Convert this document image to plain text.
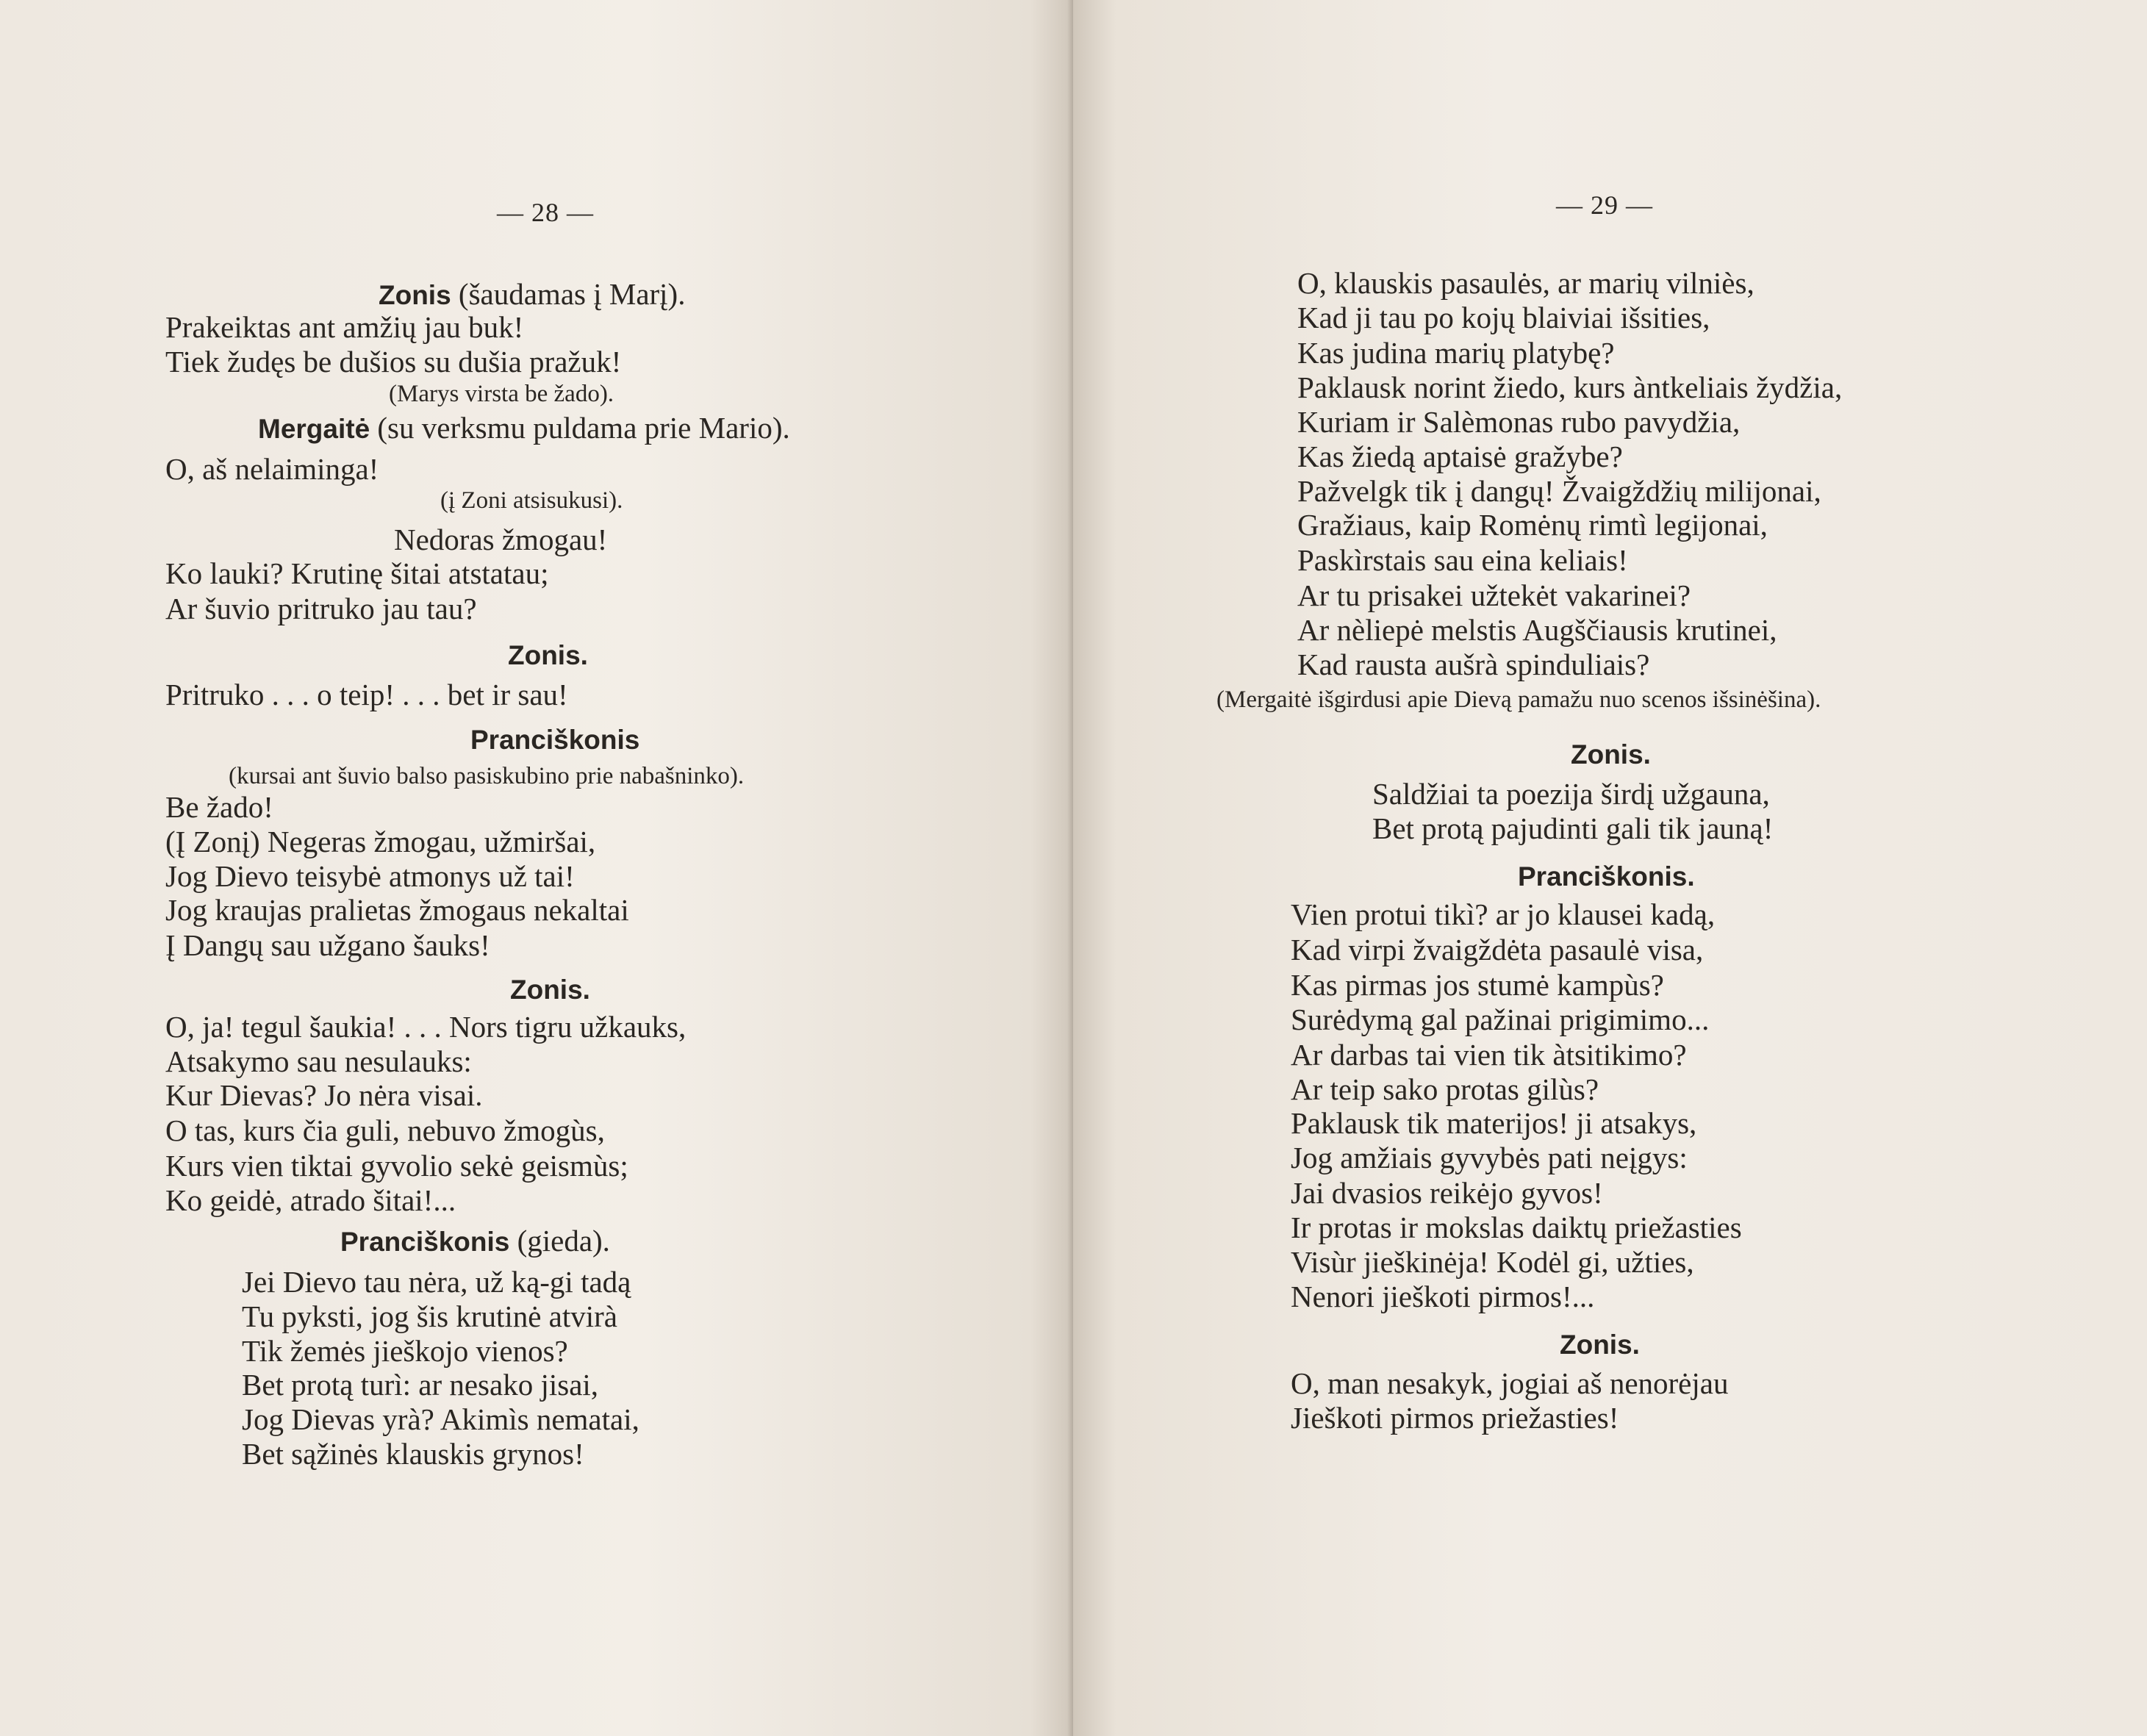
— 28 —
Zonis (šaudamas į Marį).
Prakeiktas ant amžių jau buk!
Tiek žudęs be dušios su dušia pražuk!
(Marys virsta be žado).
Mergaitė (su verksmu puldama prie Mario).
O, aš nelaiminga!
(į Zoni atsisukusi).
Nedoras žmogau!
Ko lauki? Krutinę šitai atstatau;
Ar šuvio pritruko jau tau?
Zonis.
Pritruko . . . o teip! . . . bet ir sau!
Pranciškonis
(kursai ant šuvio balso pasiskubino prie nabašninko).
Be žado!
(Į Zonį) Negeras žmogau, užmiršai,
Jog Dievo teisybė atmonys už tai!
Jog kraujas pralietas žmogaus nekaltai
Į Dangų sau užgano šauks!
Zonis.
O, ja! tegul šaukia! . . . Nors tigru užkauks,
Atsakymo sau nesulauks:
Kur Dievas? Jo nėra visai.
O tas, kurs čia guli, nebuvo žmogùs,
Kurs vien tiktai gyvolio sekė geismùs;
Ko geidė, atrado šitai!...
Pranciškonis (gieda).
Jei Dievo tau nėra, už ką-gi tadą
Tu pyksti, jog šis krutinė atvirà
Tik žemės jieškojo vienos?
Bet protą turì: ar nesako jisai,
Jog Dievas yrà? Akimìs nematai,
Bet sąžinės klauskis grynos!
— 29 —
O, klauskis pasaulės, ar marių vilniès,
Kad ji tau po kojų blaiviai išsities,
Kas judina marių platybę?
Paklausk norint žiedo, kurs àntkeliais žydžia,
Kuriam ir Salèmonas rubo pavydžia,
Kas žiedą aptaisė gražybe?
Pažvelgk tik į dangų! Žvaigždžių milijonai,
Gražiaus, kaip Romėnų rimtì legijonai,
Paskìrstais sau eina keliais!
Ar tu prisakei užtekėt vakarinei?
Ar nèliepė melstis Augščiausis krutinei,
Kad rausta aušrà spinduliais?
(Mergaitė išgirdusi apie Dievą pamažu nuo scenos išsinėšina).
Zonis.
Saldžiai ta poezija širdį užgauna,
Bet protą pajudinti gali tik jauną!
Pranciškonis.
Vien protui tikì? ar jo klausei kadą,
Kad virpi žvaigždėta pasaulė visa,
Kas pirmas jos stumė kampùs?
Surėdymą gal pažinai prigimimo...
Ar darbas tai vien tik àtsitikimo?
Ar teip sako protas gilùs?
Paklausk tik materijos! ji atsakys,
Jog amžiais gyvybės pati neįgys:
Jai dvasios reikėjo gyvos!
Ir protas ir mokslas daiktų priežasties
Visùr jieškinėja! Kodėl gi, užties,
Nenori jieškoti pirmos!...
Zonis.
O, man nesakyk, jogiai aš nenorėjau
Jieškoti pirmos priežasties!
